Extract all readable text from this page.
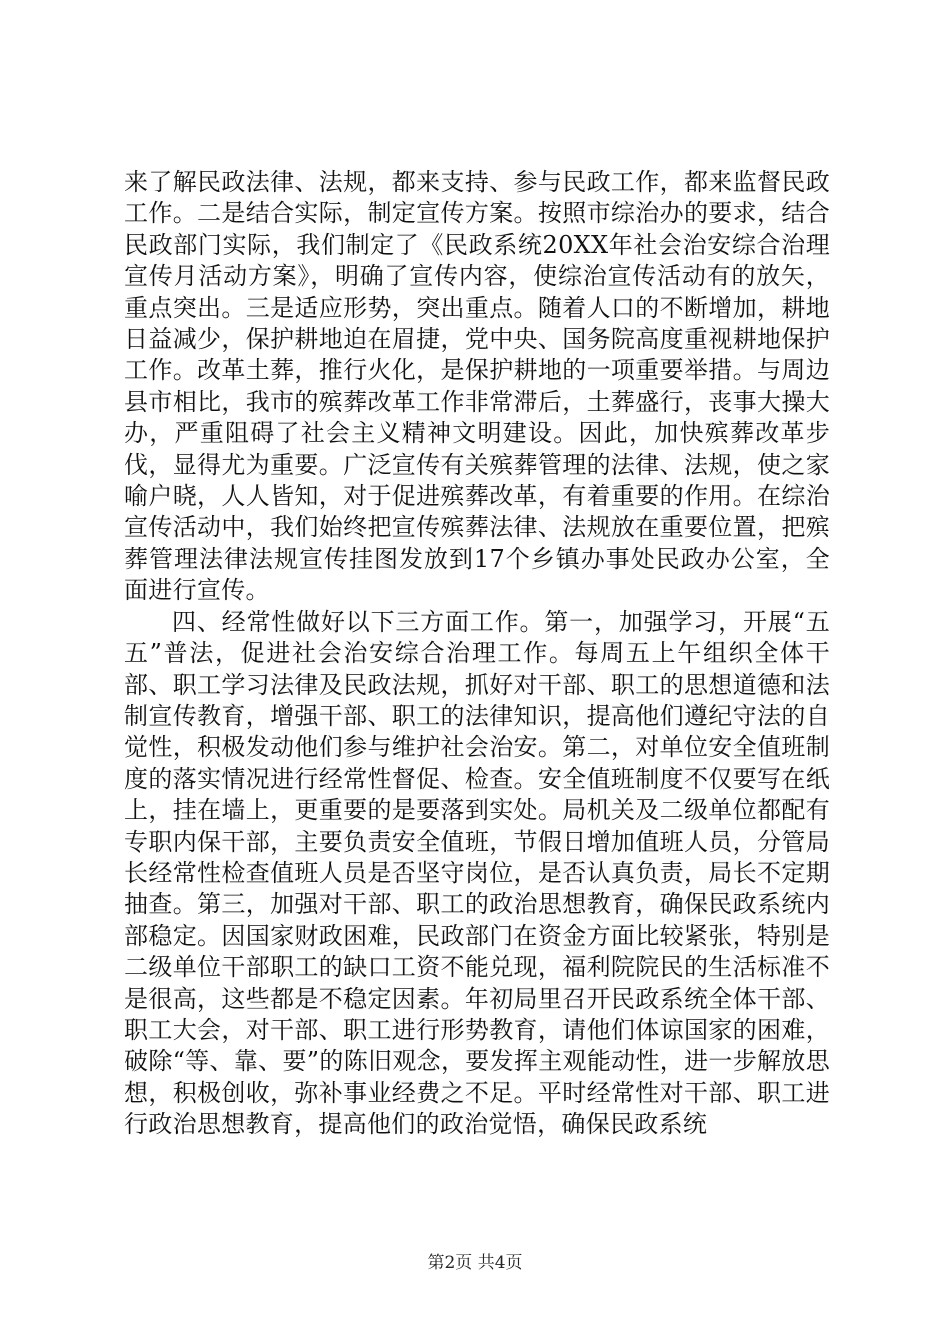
来了解民政法律、法规，都来支持、参与民政工作，都来监督民政工作。二是结合实际，制定宣传方案。按照市综治办的要求，结合民政部门实际，我们制定了《民政系统20XX年社会治安综合治理宣传月活动方案》，明确了宣传内容，使综治宣传活动有的放矢，重点突出。三是适应形势，突出重点。随着人口的不断增加，耕地日益减少，保护耕地迫在眉捷，党中央、国务院高度重视耕地保护工作。改革土葬，推行火化，是保护耕地的一项重要举措。与周边县市相比，我市的殡葬改革工作非常滞后，土葬盛行，丧事大操大办，严重阻碍了社会主义精神文明建设。因此，加快殡葬改革步伐，显得尤为重要。广泛宣传有关殡葬管理的法律、法规，使之家喻户晓，人人皆知，对于促进殡葬改革，有着重要的作用。在综治宣传活动中，我们始终把宣传殡葬法律、法规放在重要位置，把殡葬管理法律法规宣传挂图发放到17个乡镇办事处民政办公室，全面进行宣传。

四、经常性做好以下三方面工作。第一，加强学习，开展“五五”普法，促进社会治安综合治理工作。每周五上午组织全体干部、职工学习法律及民政法规，抓好对干部、职工的思想道德和法制宣传教育，增强干部、职工的法律知识，提高他们遵纪守法的自觉性，积极发动他们参与维护社会治安。第二，对单位安全值班制度的落实情况进行经常性督促、检查。安全值班制度不仅要写在纸上，挂在墙上，更重要的是要落到实处。局机关及二级单位都配有专职内保干部，主要负责安全值班，节假日增加值班人员，分管局长经常性检查值班人员是否坚守岗位，是否认真负责，局长不定期抽查。第三，加强对干部、职工的政治思想教育，确保民政系统内部稳定。因国家财政困难，民政部门在资金方面比较紧张，特别是二级单位干部职工的缺口工资不能兑现，福利院院民的生活标准不是很高，这些都是不稳定因素。年初局里召开民政系统全体干部、职工大会，对干部、职工进行形势教育，请他们体谅国家的困难，破除“等、靠、要”的陈旧观念，要发挥主观能动性，进一步解放思想，积极创收，弥补事业经费之不足。平时经常性对干部、职工进行政治思想教育，提高他们的政治觉悟，确保民政系统

第2页 共4页
